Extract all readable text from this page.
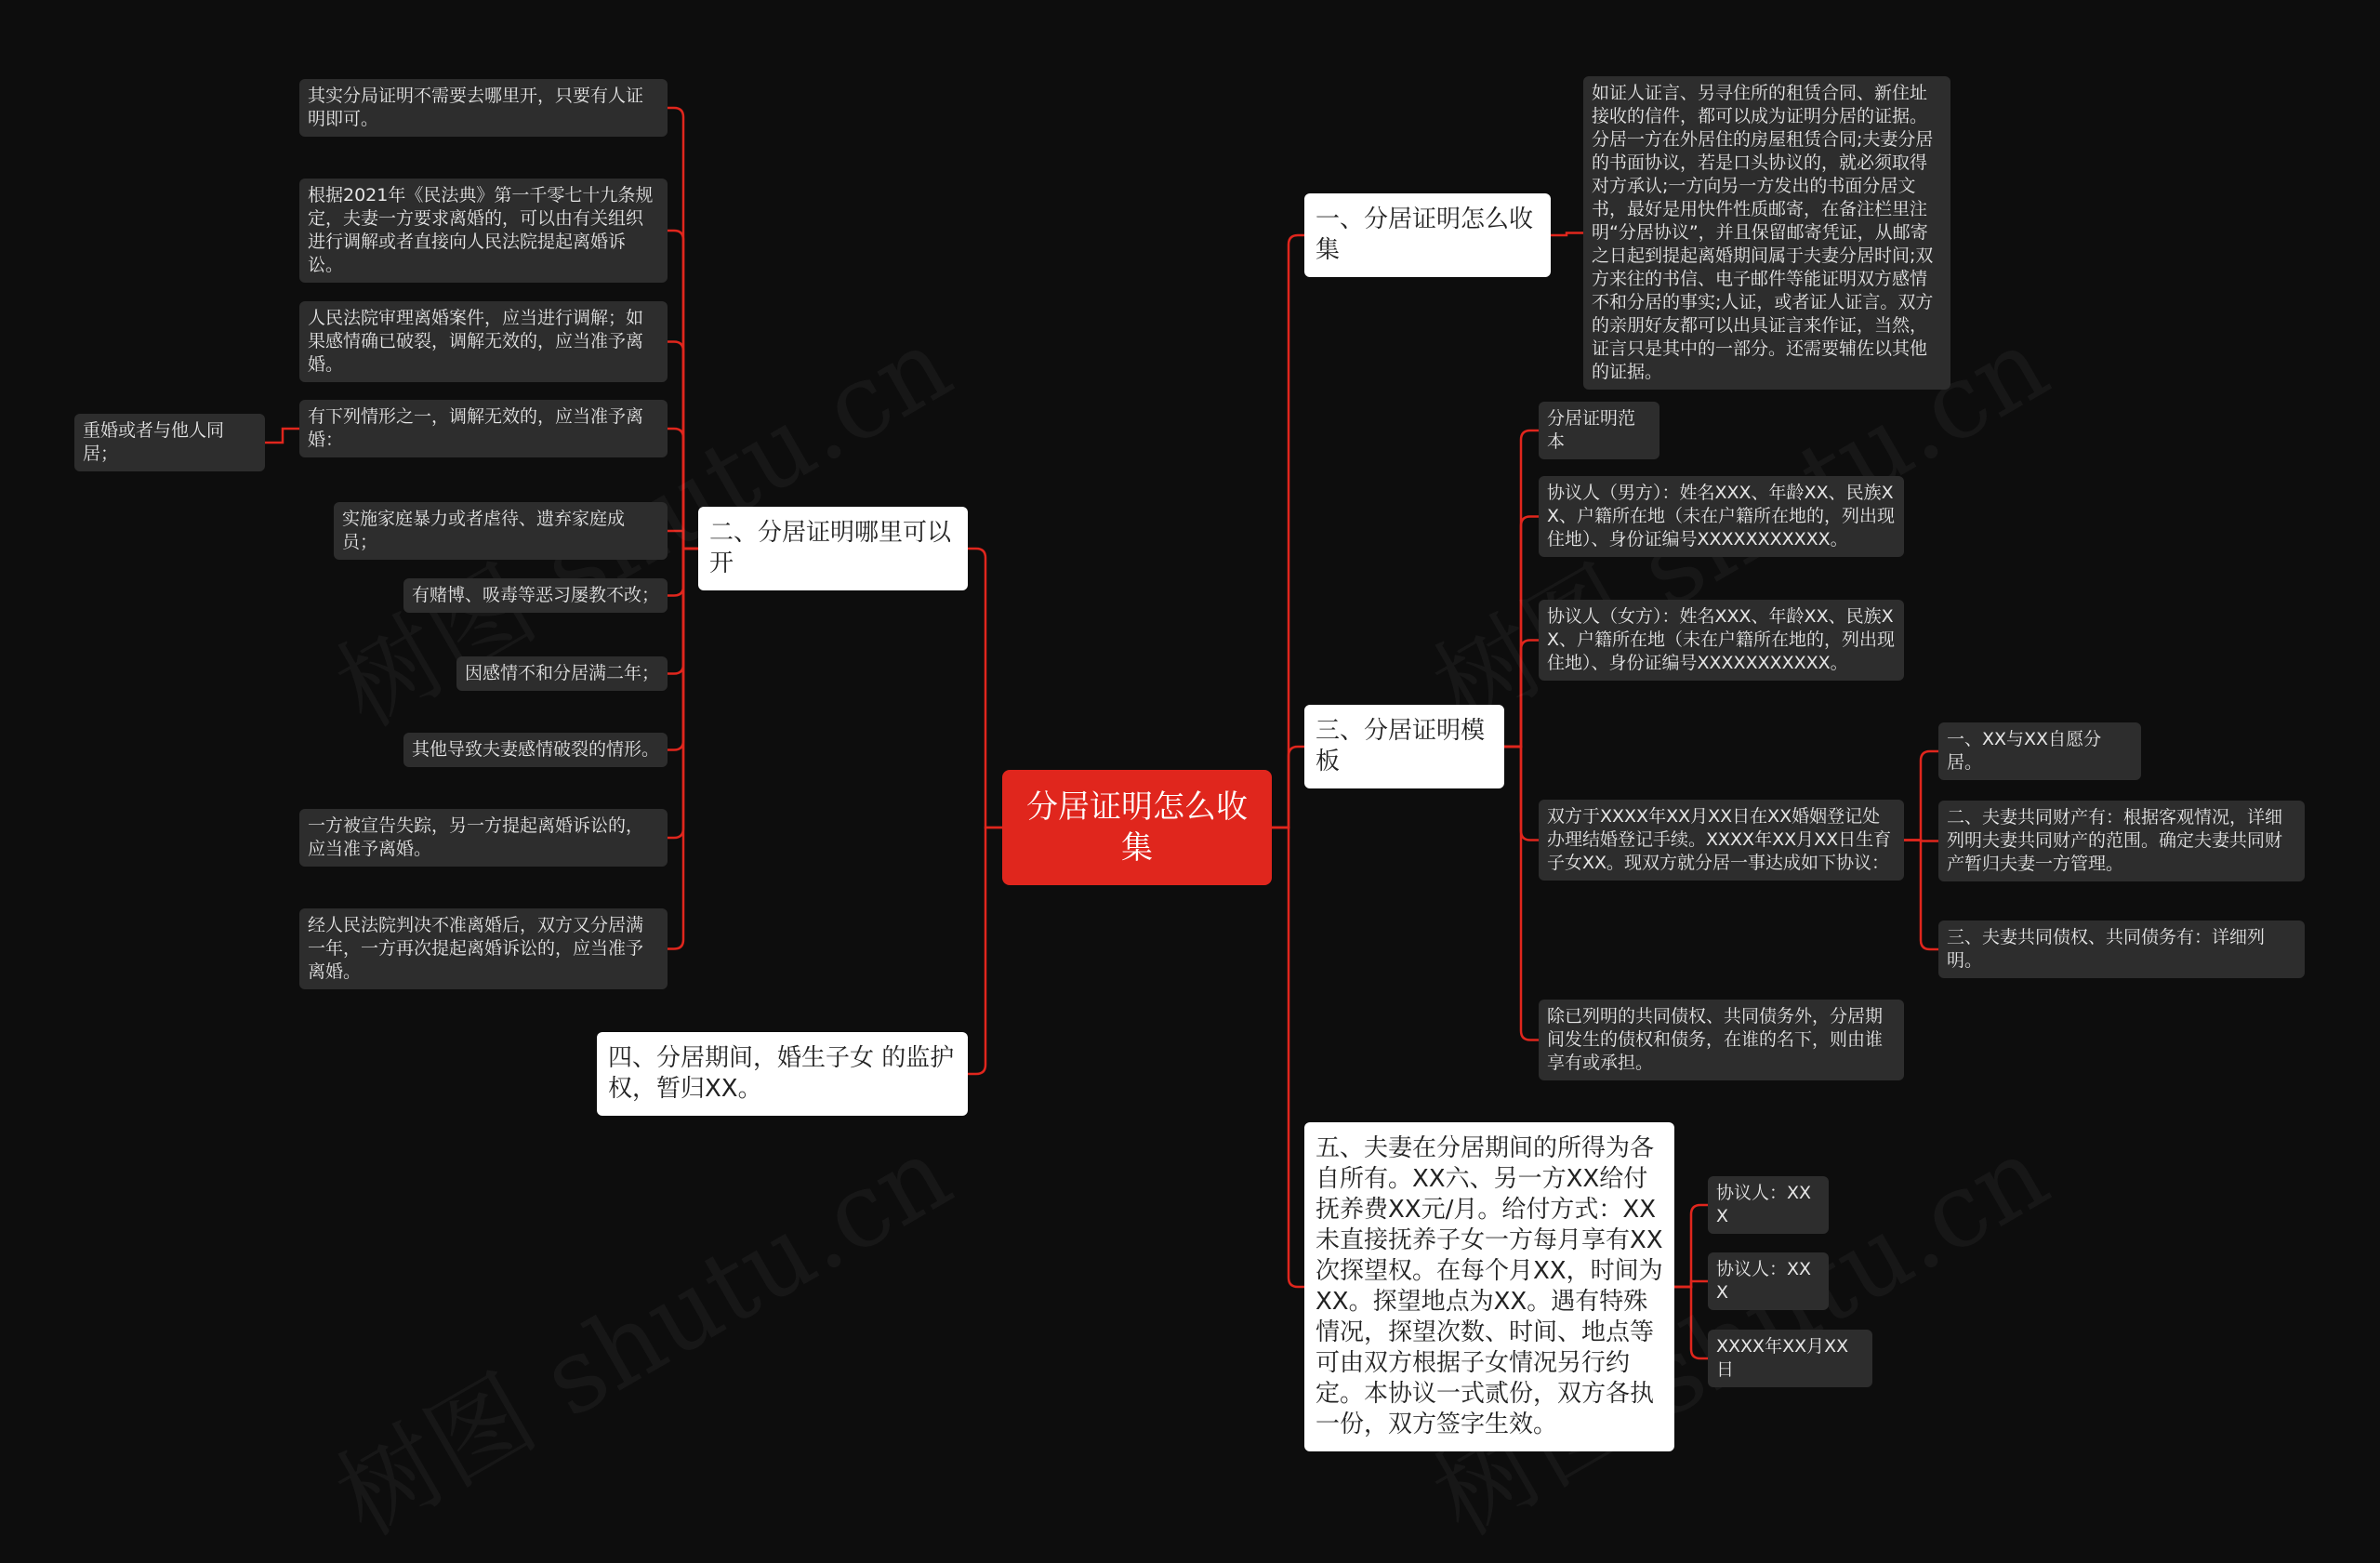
分居证明怎么收集
一、分居证明怎么收集
如证人证言、另寻住所的租赁合同、新住址接收的信件，都可以成为证明分居的证据。分居一方在外居住的房屋租赁合同;夫妻分居的书面协议，若是口头协议的，就必须取得对方承认;一方向另一方发出的书面分居文书，最好是用快件性质邮寄，在备注栏里注明“分居协议”，并且保留邮寄凭证，从邮寄之日起到提起离婚期间属于夫妻分居时间;双方来往的书信、电子邮件等能证明双方感情不和分居的事实;人证，或者证人证言。双方的亲朋好友都可以出具证言来作证，当然，证言只是其中的一部分。还需要辅佐以其他的证据。
二、分居证明哪里可以开
其实分局证明不需要去哪里开，只要有人证明即可。
根据2021年《民法典》第一千零七十九条规定，夫妻一方要求离婚的，可以由有关组织进行调解或者直接向人民法院提起离婚诉讼。
人民法院审理离婚案件，应当进行调解；如果感情确已破裂，调解无效的，应当准予离婚。
有下列情形之一，调解无效的，应当准予离婚：
重婚或者与他人同居；
实施家庭暴力或者虐待、遗弃家庭成员；
有赌博、吸毒等恶习屡教不改；
因感情不和分居满二年；
其他导致夫妻感情破裂的情形。
一方被宣告失踪，另一方提起离婚诉讼的，应当准予离婚。
经人民法院判决不准离婚后，双方又分居满一年，一方再次提起离婚诉讼的，应当准予离婚。
三、分居证明模板
分居证明范本
协议人（男方）：姓名XXX、年龄XX、民族XX、户籍所在地（未在户籍所在地的，列出现住地）、身份证编号XXXXXXXXXXX。
协议人（女方）：姓名XXX、年龄XX、民族XX、户籍所在地（未在户籍所在地的，列出现住地）、身份证编号XXXXXXXXXXX。
双方于XXXX年XX月XX日在XX婚姻登记处办理结婚登记手续。XXXX年XX月XX日生育子女XX。现双方就分居一事达成如下协议：
除已列明的共同债权、共同债务外，分居期间发生的债权和债务，在谁的名下，则由谁享有或承担。
一、XX与XX自愿分居。
二、夫妻共同财产有：根据客观情况，详细列明夫妻共同财产的范围。确定夫妻共同财产暂归夫妻一方管理。
三、夫妻共同债权、共同债务有：详细列明。
四、分居期间，婚生子女 的监护权，暂归XX。
五、夫妻在分居期间的所得为各自所有。XX六、另一方XX给付抚养费XX元/月。给付方式：XX未直接抚养子女一方每月享有XX次探望权。在每个月XX，时间为XX。探望地点为XX。遇有特殊情况，探望次数、时间、地点等可由双方根据子女情况另行约定。本协议一式贰份，双方各执一份，双方签字生效。
协议人：XXX
协议人：XXX
XXXX年XX月XX日
